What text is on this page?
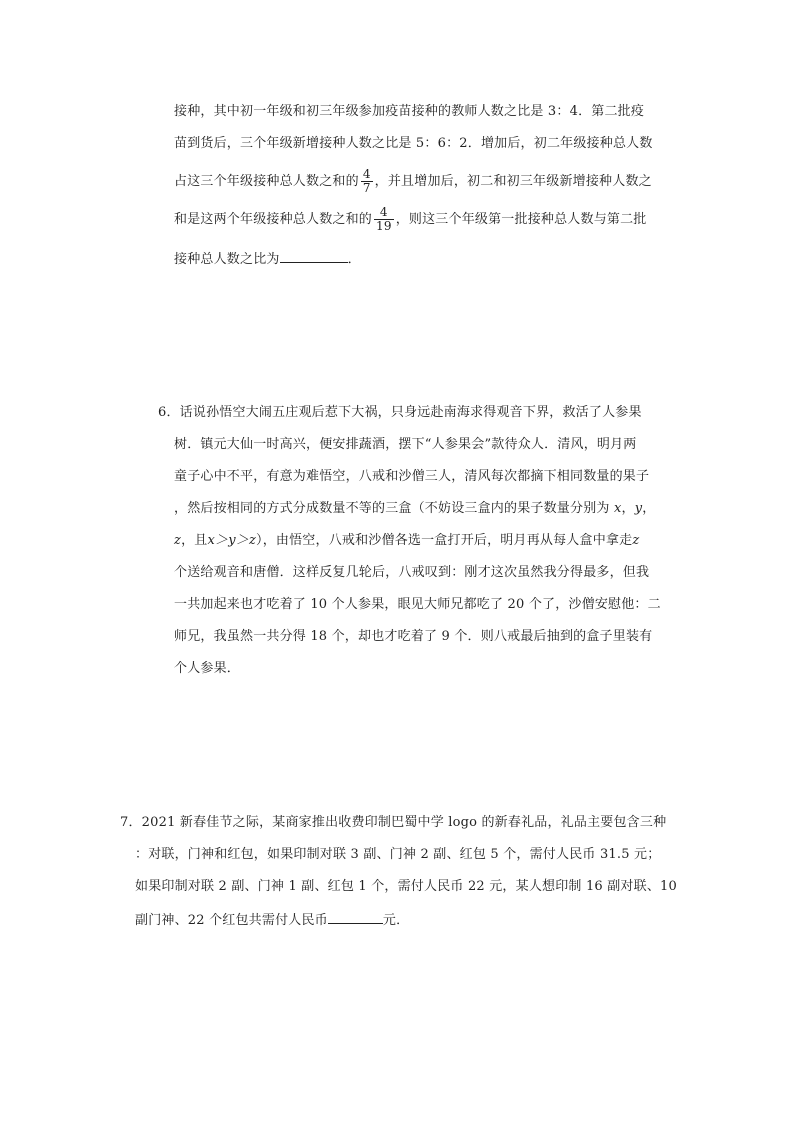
接种，其中初一年级和初三年级参加疫苗接种的教师人数之比是 3：4．第二批疫
苗到货后，三个年级新增接种人数之比是 5：6：2．增加后，初二年级接种总人数
占这三个年级接种总人数之和的 $\frac{4}{7}$ ，并且增加后，初二和初三年级新增接种人数之
和是这两个年级接种总人数之和的 $\frac{4}{19}$ ，则这三个年级第一批接种总人数与第二批
接种总人数之比为	．
6．话说孙悟空大闹五庄观后惹下大祸，只身远赴南海求得观音下界，救活了人参果
树．镇元大仙一时高兴，便安排蔬酒，摆下“人参果会”款待众人．清风，明月两
童子心中不平，有意为难悟空，八戒和沙僧三人，清风每次都摘下相同数量的果子
，然后按相同的方式分成数量不等的三盒（不妨设三盒内的果子数量分别为 x，y，
z，且x＞y＞z），由悟空，八戒和沙僧各选一盒打开后，明月再从每人盒中拿走z
个送给观音和唐僧．这样反复几轮后，八戒叹到：刚才这次虽然我分得最多，但我
一共加起来也才吃着了 10 个人参果，眼见大师兄都吃了 20 个了，沙僧安慰他：二
师兄，我虽然一共分得 18 个，却也才吃着了 9 个．则八戒最后抽到的盒子里装有
个人参果．
7．2021 新春佳节之际，某商家推出收费印制巴蜀中学 logo 的新春礼品，礼品主要包含三种
：对联，门神和红包，如果印制对联 3 副、门神 2 副、红包 5 个，需付人民币 31.5 元；
如果印制对联 2 副、门神 1 副、红包 1 个，需付人民币 22 元，某人想印制 16 副对联、10
副门神、22 个红包共需付人民币	元．
